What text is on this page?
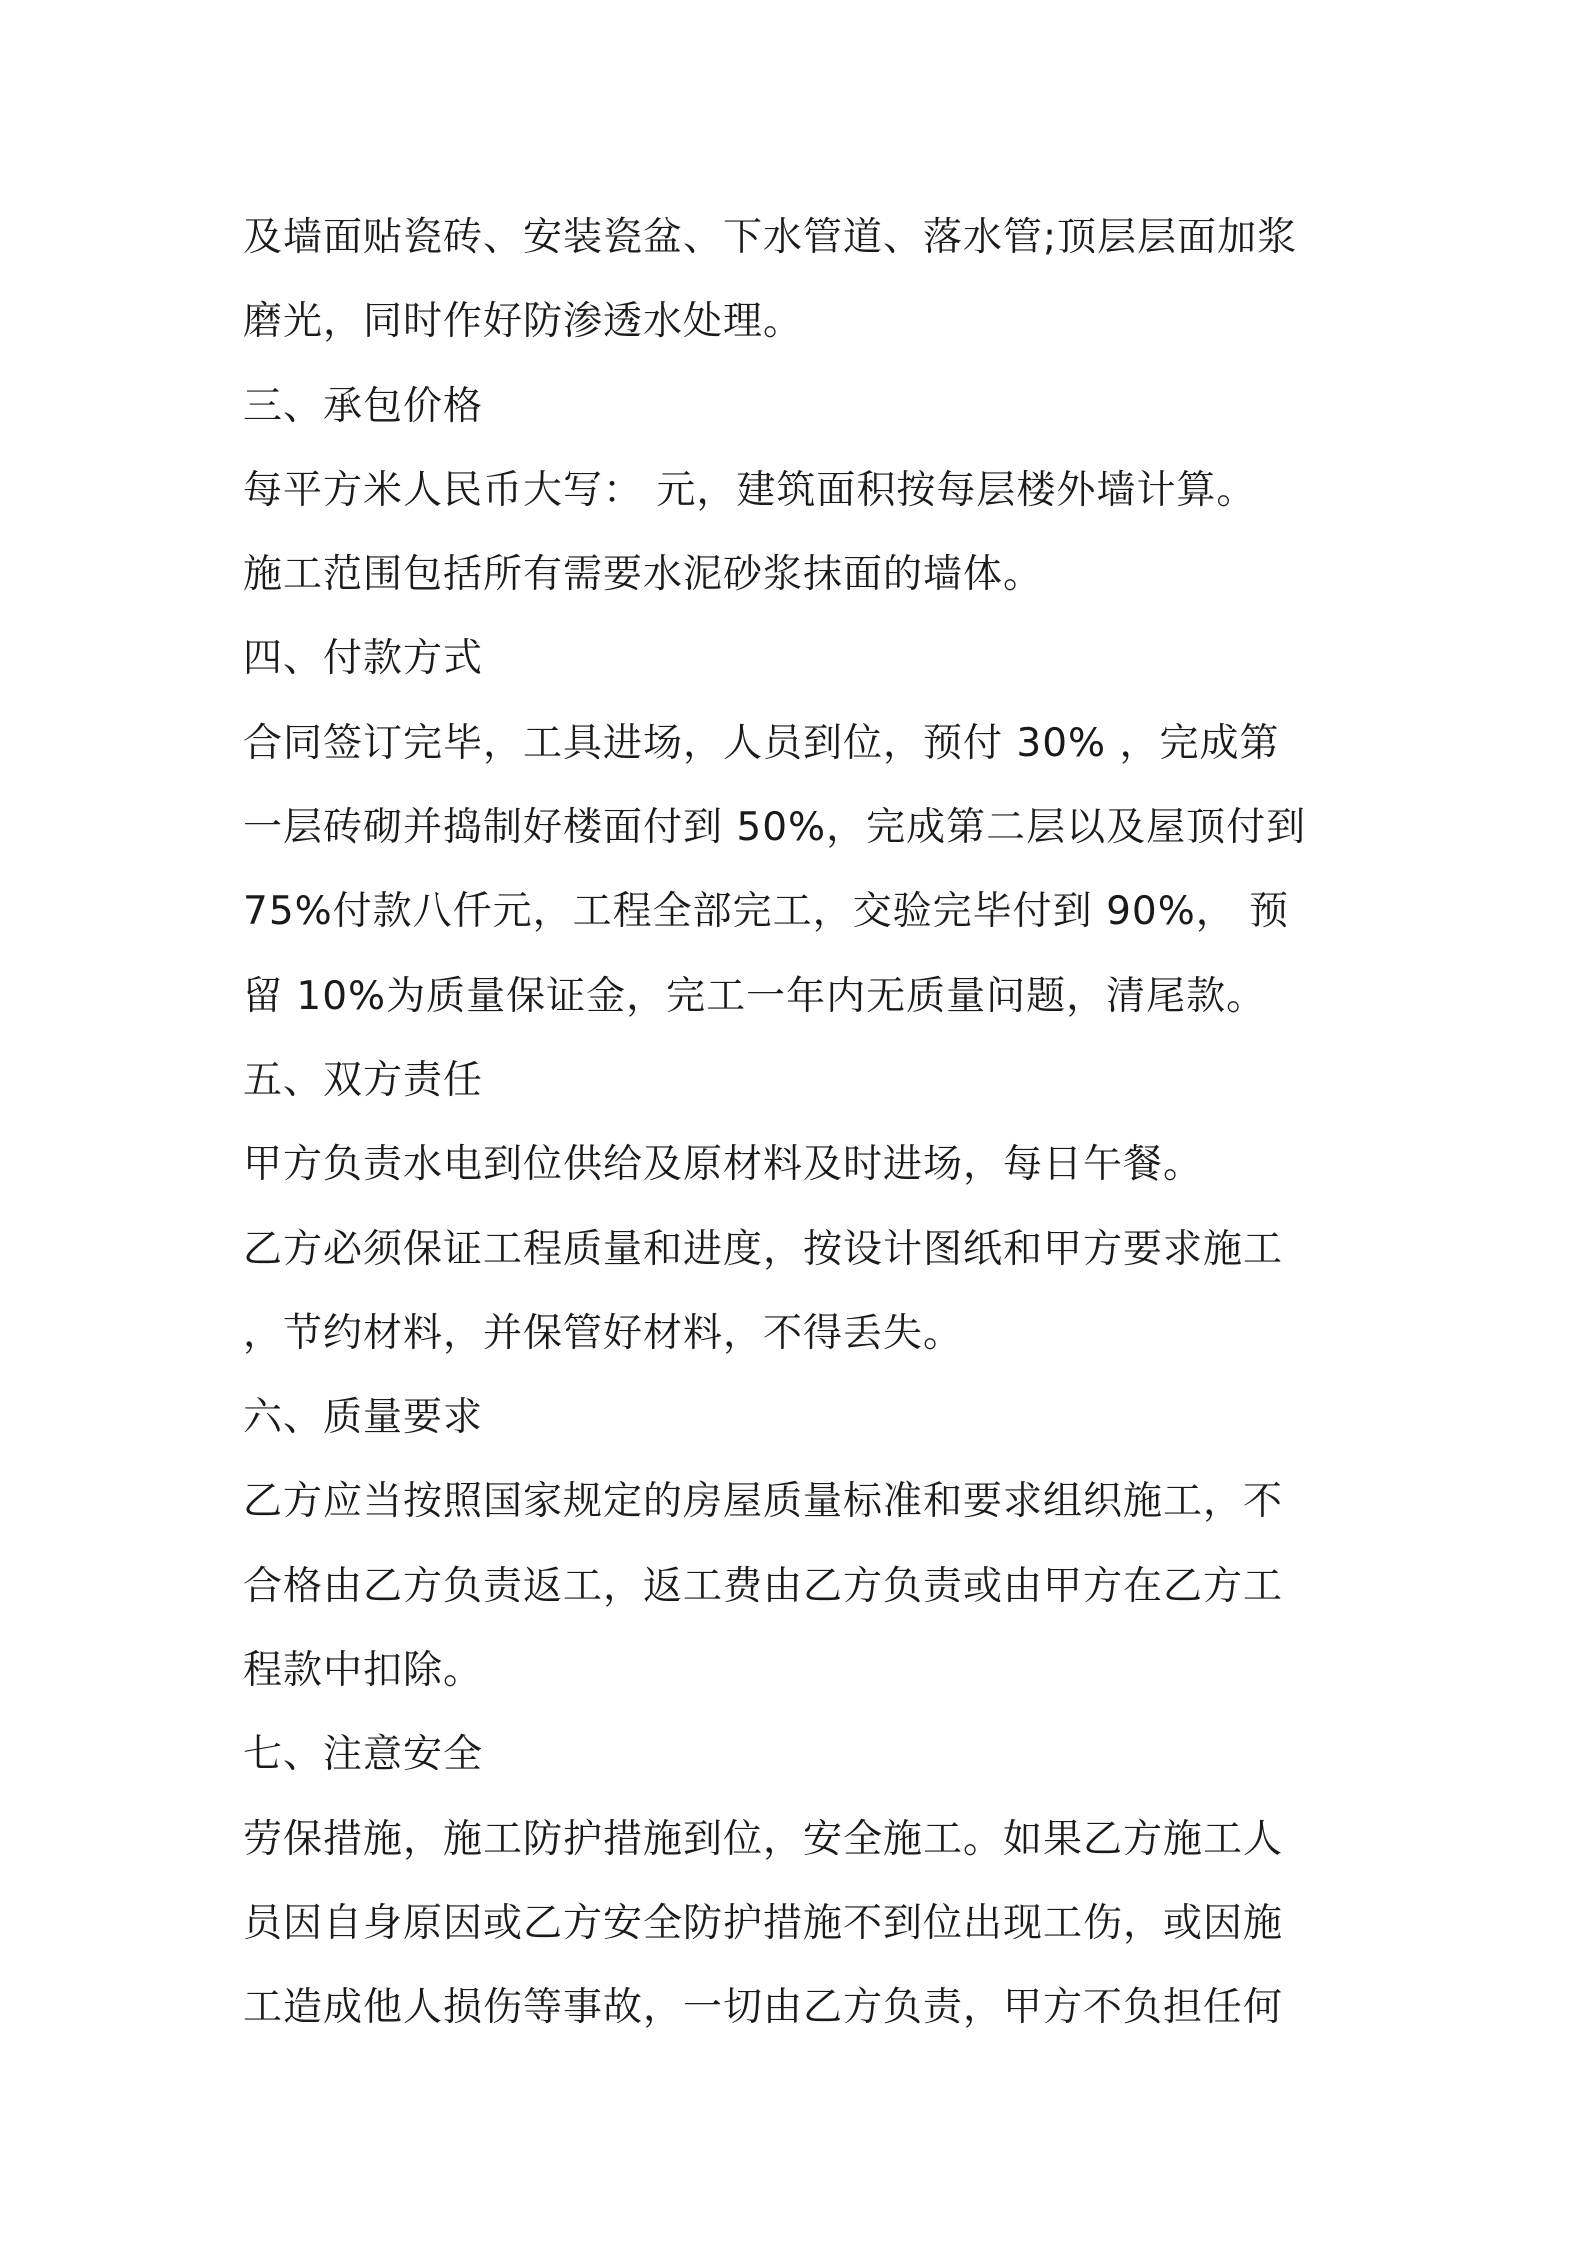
及墙面贴瓷砖、安装瓷盆、下水管道、落水管;顶层层面加浆
磨光，同时作好防渗透水处理。
三、承包价格
每平方米人民币大写： 元，建筑面积按每层楼外墙计算。
施工范围包括所有需要水泥砂浆抹面的墙体。
四、付款方式
合同签订完毕，工具进场，人员到位，预付 30% ，完成第
一层砖砌并捣制好楼面付到 50%，完成第二层以及屋顶付到
75%付款八仟元，工程全部完工，交验完毕付到 90%， 预
留 10%为质量保证金，完工一年内无质量问题，清尾款。
五、双方责任
甲方负责水电到位供给及原材料及时进场，每日午餐。
乙方必须保证工程质量和进度，按设计图纸和甲方要求施工
，节约材料，并保管好材料，不得丢失。
六、质量要求
乙方应当按照国家规定的房屋质量标准和要求组织施工，不
合格由乙方负责返工，返工费由乙方负责或由甲方在乙方工
程款中扣除。
七、注意安全
劳保措施，施工防护措施到位，安全施工。如果乙方施工人
员因自身原因或乙方安全防护措施不到位出现工伤，或因施
工造成他人损伤等事故，一切由乙方负责，甲方不负担任何
